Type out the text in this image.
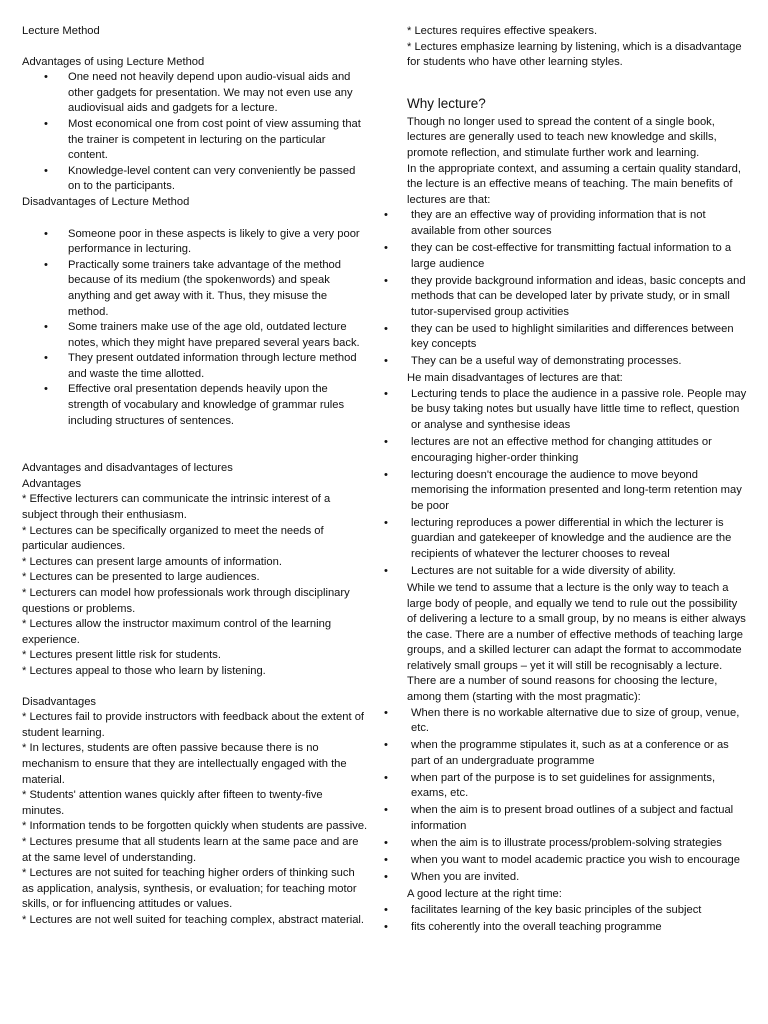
Lecture Method

Advantages of using Lecture Method

• One need not heavily depend upon audio-visual aids and other gadgets for presentation. We may not even use any audiovisual aids and gadgets for a lecture.
• Most economical one from cost point of view assuming that the trainer is competent in lecturing on the particular content.
• Knowledge-level content can very conveniently be passed on to the participants.

Disadvantages of Lecture Method

• Someone poor in these aspects is likely to give a very poor performance in lecturing.
• Practically some trainers take advantage of the method because of its medium (the spokenwords) and speak anything and get away with it. Thus, they misuse the method.
• Some trainers make use of the age old, outdated lecture notes, which they might have prepared several years back.
• They present outdated information through lecture method and waste the time allotted.
• Effective oral presentation depends heavily upon the strength of vocabulary and knowledge of grammar rules including structures of sentences.

Advantages and disadvantages of lectures

Advantages

* Effective lecturers can communicate the intrinsic interest of a subject through their enthusiasm.

* Lectures can be specifically organized to meet the needs of particular audiences.

* Lectures can present large amounts of information.

* Lectures can be presented to large audiences.

* Lecturers can model how professionals work through disciplinary questions or problems.

* Lectures allow the instructor maximum control of the learning experience.

* Lectures present little risk for students.

* Lectures appeal to those who learn by listening.

Disadvantages

* Lectures fail to provide instructors with feedback about the extent of student learning.

* In lectures, students are often passive because there is no mechanism to ensure that they are intellectually engaged with the material.

* Students' attention wanes quickly after fifteen to twenty-five minutes.

* Information tends to be forgotten quickly when students are passive.

* Lectures presume that all students learn at the same pace and are at the same level of understanding.

* Lectures are not suited for teaching higher orders of thinking such as application, analysis, synthesis, or evaluation; for teaching motor skills, or for influencing attitudes or values.

* Lectures are not well suited for teaching complex, abstract material.

* Lectures requires effective speakers.

* Lectures emphasize learning by listening, which is a disadvantage for students who have other learning styles.

Why lecture?

Though no longer used to spread the content of a single book, lectures are generally used to teach new knowledge and skills, promote reflection, and stimulate further work and learning.

In the appropriate context, and assuming a certain quality standard, the lecture is an effective means of teaching. The main benefits of lectures are that:

• they are an effective way of providing information that is not available from other sources
• they can be cost-effective for transmitting factual information to a large audience
• they provide background information and ideas, basic concepts and methods that can be developed later by private study, or in small tutor-supervised group activities
• they can be used to highlight similarities and differences between key concepts
• They can be a useful way of demonstrating processes.

He main disadvantages of lectures are that:

• Lecturing tends to place the audience in a passive role. People may be busy taking notes but usually have little time to reflect, question or analyse and synthesise ideas
• lectures are not an effective method for changing attitudes or encouraging higher-order thinking
• lecturing doesn't encourage the audience to move beyond memorising the information presented and long-term retention may be poor
• lecturing reproduces a power differential in which the lecturer is guardian and gatekeeper of knowledge and the audience are the recipients of whatever the lecturer chooses to reveal
• Lectures are not suitable for a wide diversity of ability.

While we tend to assume that a lecture is the only way to teach a large body of people, and equally we tend to rule out the possibility of delivering a lecture to a small group, by no means is either always the case. There are a number of effective methods of teaching large groups, and a skilled lecturer can adapt the format to accommodate relatively small groups – yet it will still be recognisably a lecture.

There are a number of sound reasons for choosing the lecture, among them (starting with the most pragmatic):

• When there is no workable alternative due to size of group, venue, etc.
• when the programme stipulates it, such as at a conference or as part of an undergraduate programme
• when part of the purpose is to set guidelines for assignments, exams, etc.
• when the aim is to present broad outlines of a subject and factual information
• when the aim is to illustrate process/problem-solving strategies
• when you want to model academic practice you wish to encourage
• When you are invited.

A good lecture at the right time:

• facilitates learning of the key basic principles of the subject
• fits coherently into the overall teaching programme
